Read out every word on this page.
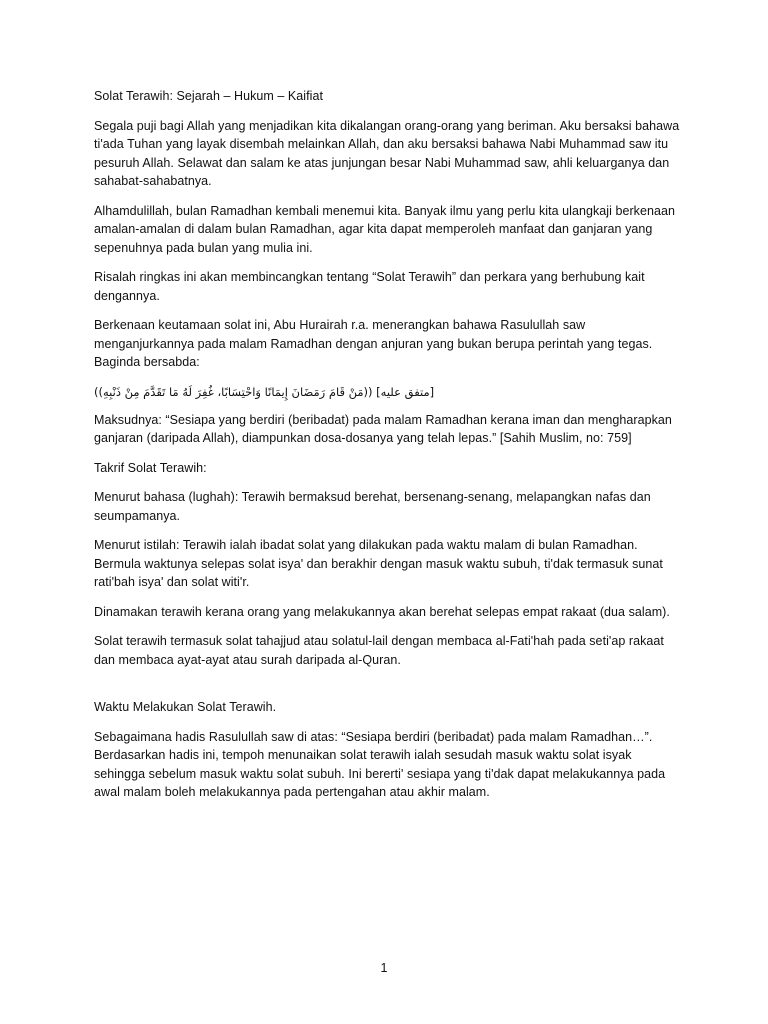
Solat Terawih: Sejarah – Hukum – Kaifiat

Segala puji bagi Allah yang menjadikan kita dikalangan orang-orang yang beriman. Aku bersaksi bahawa ti'ada Tuhan yang layak disembah melainkan Allah, dan aku bersaksi bahawa Nabi Muhammad saw itu pesuruh Allah. Selawat dan salam ke atas junjungan besar Nabi Muhammad saw, ahli keluarganya dan sahabat-sahabatnya.

Alhamdulillah, bulan Ramadhan kembali menemui kita. Banyak ilmu yang perlu kita ulangkaji berkenaan amalan-amalan di dalam bulan Ramadhan, agar kita dapat memperoleh manfaat dan ganjaran yang sepenuhnya pada bulan yang mulia ini.

Risalah ringkas ini akan membincangkan tentang “Solat Terawih” dan perkara yang berhubung kait dengannya.

Berkenaan keutamaan solat ini, Abu Hurairah r.a. menerangkan bahawa Rasulullah saw menganjurkannya pada malam Ramadhan dengan anjuran yang bukan berupa perintah yang tegas. Baginda bersabda:

((مَنْ قَامَ رَمَضَانَ إِيمَانًا وَاحْتِسَابًا، غُفِرَ لَهُ مَا تَقَدَّمَ مِنْ ذَنْبِهِ)) [متفق عليه]

Maksudnya: “Sesiapa yang berdiri (beribadat) pada malam Ramadhan kerana iman dan mengharapkan ganjaran (daripada Allah), diampunkan dosa-dosanya yang telah lepas.” [Sahih Muslim, no: 759]

Takrif Solat Terawih:

Menurut bahasa (lughah): Terawih bermaksud berehat, bersenang-senang, melapangkan nafas dan seumpamanya.

Menurut istilah: Terawih ialah ibadat solat yang dilakukan pada waktu malam di bulan Ramadhan. Bermula waktunya selepas solat isya' dan berakhir dengan masuk waktu subuh, ti'dak termasuk sunat rati'bah isya' dan solat witi'r.

Dinamakan terawih kerana orang yang melakukannya akan berehat selepas empat rakaat (dua salam).

Solat terawih termasuk solat tahajjud atau solatul-lail dengan membaca al-Fati'hah pada seti'ap rakaat dan membaca ayat-ayat atau surah daripada al-Quran.

Waktu Melakukan Solat Terawih.

Sebagaimana hadis Rasulullah saw di atas: “Sesiapa berdiri (beribadat) pada malam Ramadhan…”. Berdasarkan hadis ini, tempoh menunaikan solat terawih ialah sesudah masuk waktu solat isyak sehingga sebelum masuk waktu solat subuh. Ini bererti' sesiapa yang ti'dak dapat melakukannya pada awal malam boleh melakukannya pada pertengahan atau akhir malam.

1
